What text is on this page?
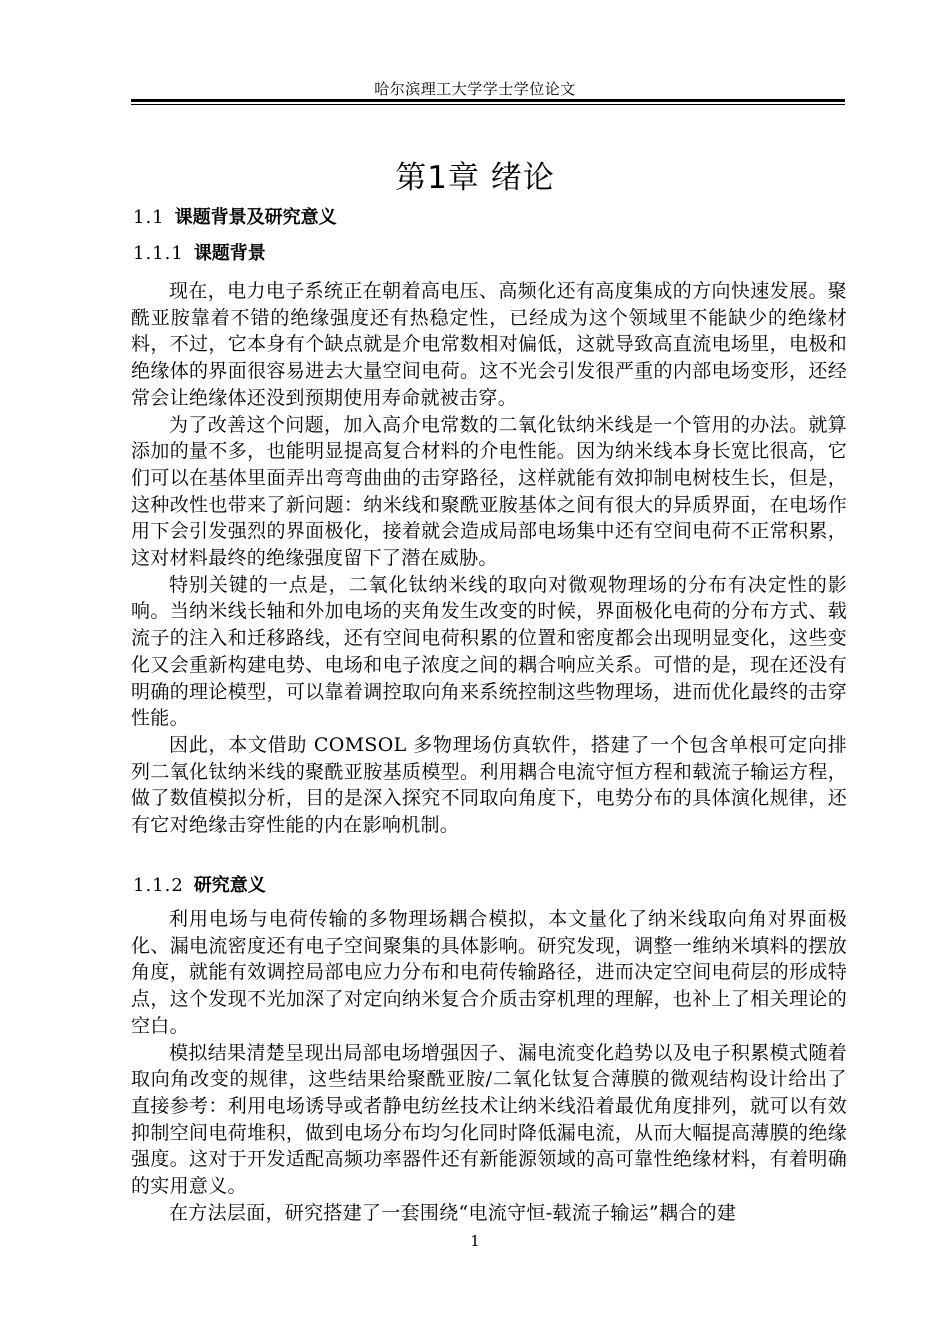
哈尔滨理工大学学士学位论文
第1章 绪论
1.1 课题背景及研究意义
1.1.1 课题背景

现在，电力电子系统正在朝着高电压、高频化还有高度集成的方向快速发展。聚酰亚胺靠着不错的绝缘强度还有热稳定性，已经成为这个领域里不能缺少的绝缘材料，不过，它本身有个缺点就是介电常数相对偏低，这就导致高直流电场里，电极和绝缘体的界面很容易进去大量空间电荷。这不光会引发很严重的内部电场变形，还经常会让绝缘体还没到预期使用寿命就被击穿。

为了改善这个问题，加入高介电常数的二氧化钛纳米线是一个管用的办法。就算添加的量不多，也能明显提高复合材料的介电性能。因为纳米线本身长宽比很高，它们可以在基体里面弄出弯弯曲曲的击穿路径，这样就能有效抑制电树枝生长，但是，这种改性也带来了新问题：纳米线和聚酰亚胺基体之间有很大的异质界面，在电场作用下会引发强烈的界面极化，接着就会造成局部电场集中还有空间电荷不正常积累，这对材料最终的绝缘强度留下了潜在威胁。

特别关键的一点是，二氧化钛纳米线的取向对微观物理场的分布有决定性的影响。当纳米线长轴和外加电场的夹角发生改变的时候，界面极化电荷的分布方式、载流子的注入和迁移路线，还有空间电荷积累的位置和密度都会出现明显变化，这些变化又会重新构建电势、电场和电子浓度之间的耦合响应关系。可惜的是，现在还没有明确的理论模型，可以靠着调控取向角来系统控制这些物理场，进而优化最终的击穿性能。

因此，本文借助 COMSOL 多物理场仿真软件，搭建了一个包含单根可定向排列二氧化钛纳米线的聚酰亚胺基质模型。利用耦合电流守恒方程和载流子输运方程，做了数值模拟分析，目的是深入探究不同取向角度下，电势分布的具体演化规律，还有它对绝缘击穿性能的内在影响机制。

1.1.2 研究意义

利用电场与电荷传输的多物理场耦合模拟，本文量化了纳米线取向角对界面极化、漏电流密度还有电子空间聚集的具体影响。研究发现，调整一维纳米填料的摆放角度，就能有效调控局部电应力分布和电荷传输路径，进而决定空间电荷层的形成特点，这个发现不光加深了对定向纳米复合介质击穿机理的理解，也补上了相关理论的空白。

模拟结果清楚呈现出局部电场增强因子、漏电流变化趋势以及电子积累模式随着取向角改变的规律，这些结果给聚酰亚胺/二氧化钛复合薄膜的微观结构设计给出了直接参考：利用电场诱导或者静电纺丝技术让纳米线沿着最优角度排列，就可以有效抑制空间电荷堆积，做到电场分布均匀化同时降低漏电流，从而大幅提高薄膜的绝缘强度。这对于开发适配高频功率器件还有新能源领域的高可靠性绝缘材料，有着明确的实用意义。

在方法层面，研究搭建了一套围绕“电流守恒-载流子输运”耦合的建

1
